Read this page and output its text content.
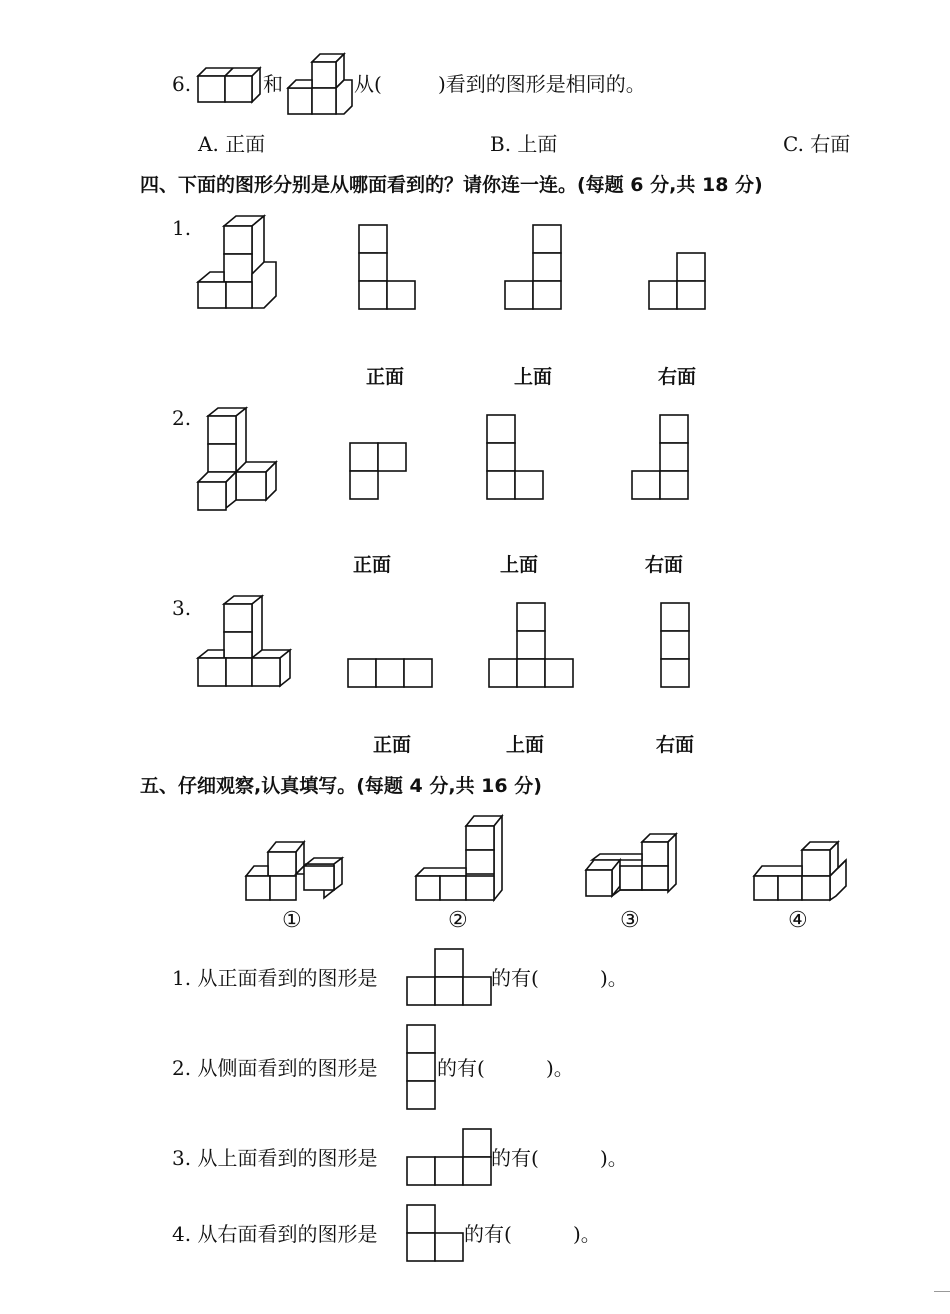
6.	和	从(	)看到的图形是相同的。
A. 正面	B. 上面	C. 右面
四、下面的图形分别是从哪面看到的？请你连一连。(每题 6 分,共 18 分)
1.
正面	上面	右面
2.
正面	上面	右面
3.
正面	上面	右面
五、仔细观察,认真填写。(每题 4 分,共 16 分)
①	②	③	④
1. 从正面看到的图形是	的有(	)。
2. 从侧面看到的图形是	的有(	)。
3. 从上面看到的图形是	的有(	)。
4. 从右面看到的图形是	的有(	)。
